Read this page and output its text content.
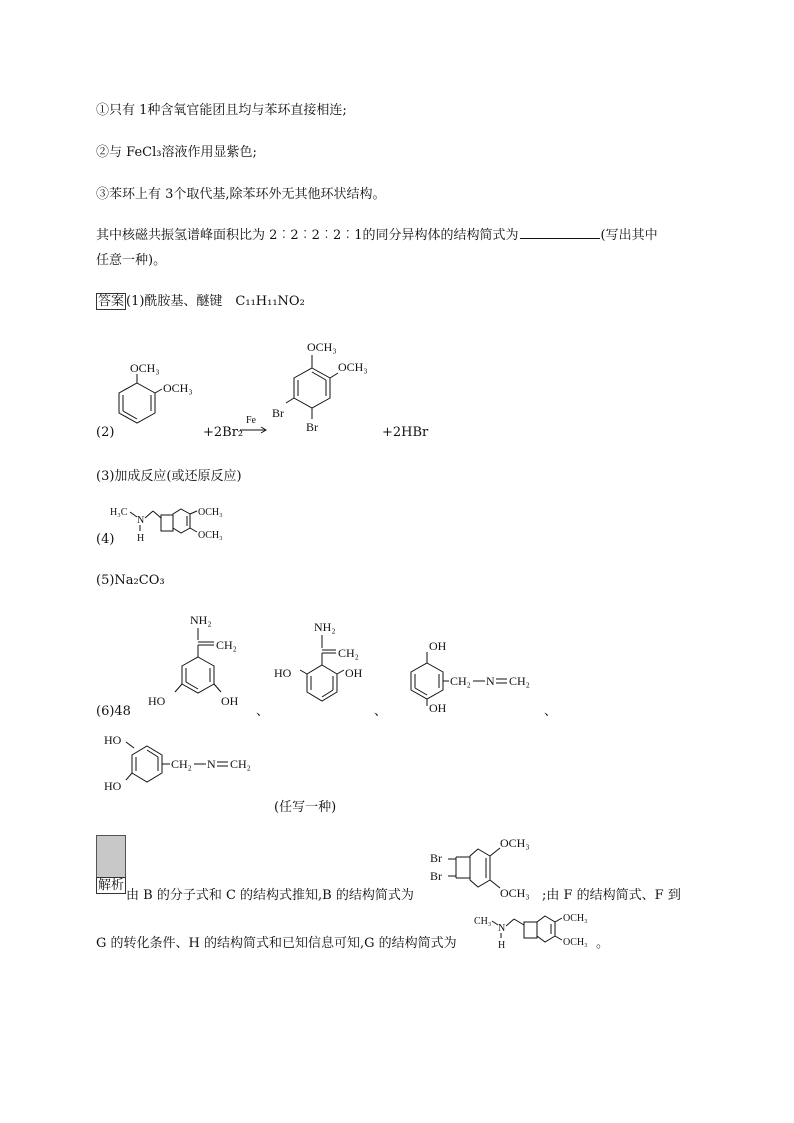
①只有 1种含氧官能团且均与苯环直接相连;
②与 FeCl₃溶液作用显紫色;
③苯环上有 3个取代基,除苯环外无其他环状结构。
其中核磁共振氢谱峰面积比为 2︰2︰2︰2︰1的同分异构体的结构简式为	(写出其中
任意一种)。
答案 (1)酰胺基、醚键　C₁₁H₁₁NO₂
(2)
OCH₃
OCH₃
+2Br₂
Fe
OCH₃
OCH₃
Br
Br	+2HBr
(3)加成反应(或还原反应)
(4)
H₃C
N
H
OCH₃
OCH₃
(5)Na₂CO₃
(6)48
NH₂
CH₂
HO	OH
、
NH₂
CH₂
HO	OH
、
OH
OH
CH₂ N CH₂
、
HO
HO
CH₂ N CH₂
(任写一种)
解析
由 B 的分子式和 C 的结构式推知,B 的结构简式为
Br
Br
OCH₃
OCH₃ ;由 F 的结构简式、F 到
G 的转化条件、H 的结构简式和已知信息可知,G 的结构简式为
CH₃
N
H
OCH₃
OCH₃ 。
